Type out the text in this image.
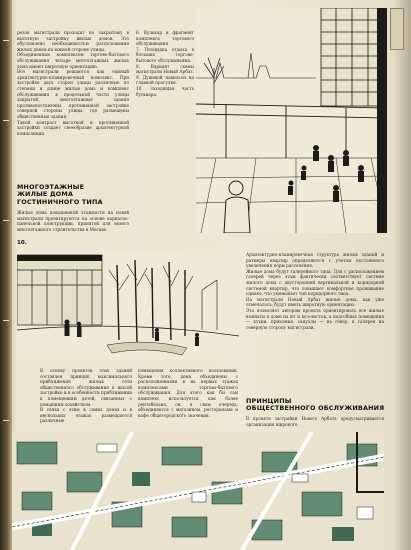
резок магистрали проходит по закрытому в высотную застройку жилых домов. Это обусловлено необходимостью расположения жилых домов на южной стороне улицы.
Объединенные комплексом торгово-бытового обслуживания четыре многоэтажных жилых дома имеют широтную ориентацию.
Все магистрали решаются как единый архитектурно-планировочный комплекс. При застройке двух сторон улицы различные по степени и длине жилые дома и комплекс обслуживания в продольной части улицы закрытой, многоэтажные здания противопоставлены протяженной застройке северной стороны улицы, где размещены общественные здания.
Такой контраст высотной и протяженной застройки создает своеобразие архитектурной композиции.
6. Вулькар и фрагмент комплекса торгового обслуживания
7. Площадка отдыха в больших торгово-бытового обслуживания.
8. Вариант схемы магистрали Новый Арбат.
9. Душевой павильон на главной прогулке.
10. Заходящая часть бульвара.
МНОГОЭТАЖНЫЕ
ЖИЛЫЕ ДОМА
ГОСТИНИЧНОГО ТИПА
Жилые дома повышенной этажности на новой магистрали проектируются на основе каркасно-панельной конструкции, принятой для нового многоэтажного строительства в Москве.
10.
Архитектурно-планировочная структура жилых зданий и размеры квартир определяются с учетом постоянного увеличения норм расселения.
Жилые дома будут галерейного типа. Для с расположением галерей через этаж фактически соответствует системе жилого дома с двусторонней вертикальной и коридорной системой квартир, что повышает комфортное проживание однако, что уменьшает тип коридорного типа.
На магистрали Новый Арбат жилые дома, как уже отмечалось, будут иметь широтную ориентацию.
Эта позволяет авторам проекта ориентировать все жилые комнаты в доме на юг и юго-восток, а подсобные помещения — кухни, прихожие, санузлы — на север, к галереи на северную сторону магистрали.
В основу проектов этих зданий составлен принцип максимального приближения жилых сети общественного обслуживания к жилой застройке и в особенности приближении к помещениям детей, связанных с домашним хозяйством.
В связи с этим в самих домах и в нескольких этажах размещаются различные
помещения коллективного пользования. Кроме того, дома объединены с расположенными в их первых этажах комплексами торгово-бытового обслуживания. Для этого как бы сам комплекс используется как более рентабельно, он, в свою очередь, объединяется с магазином, ресторанами и кафе общегородского значения.
ПРИНЦИПЫ
ОБЩЕСТВЕННОГО ОБСЛУЖИВАНИЯ
В проекте застройки Нового Арбата предусматривается организация широкого
